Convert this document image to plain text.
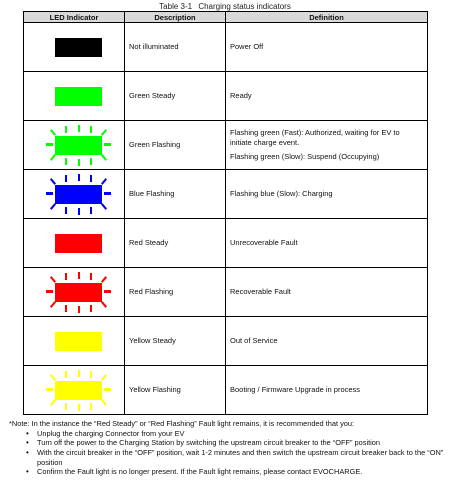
Table 3-1 Charging status indicators
LED Indicator	Description	Definition

	Not illuminated	Power Off

	Green Steady	Ready

	Green Flashing	Flashing green (Fast): Authorized, waiting for EV to initiate charge event.

Flashing green (Slow): Suspend (Occupying)

	Blue Flashing	Flashing blue (Slow): Charging

	Red Steady	Unrecoverable Fault

	Red Flashing	Recoverable Fault

	Yellow Steady	Out of Service

	Yellow Flashing	Booting / Firmware Upgrade in process

*Note: In the instance the “Red Steady” or “Red Flashing” Fault light remains, it is recommended that you:
• Unplug the charging Connector from your EV
• Turn off the power to the Charging Station by switching the upstream circuit breaker to the “OFF” position
• With the circuit breaker in the “OFF” position, wait 1-2 minutes and then switch the upstream circuit breaker back to the “ON” position
• Confirm the Fault light is no longer present. If the Fault light remains, please contact EVOCHARGE.
